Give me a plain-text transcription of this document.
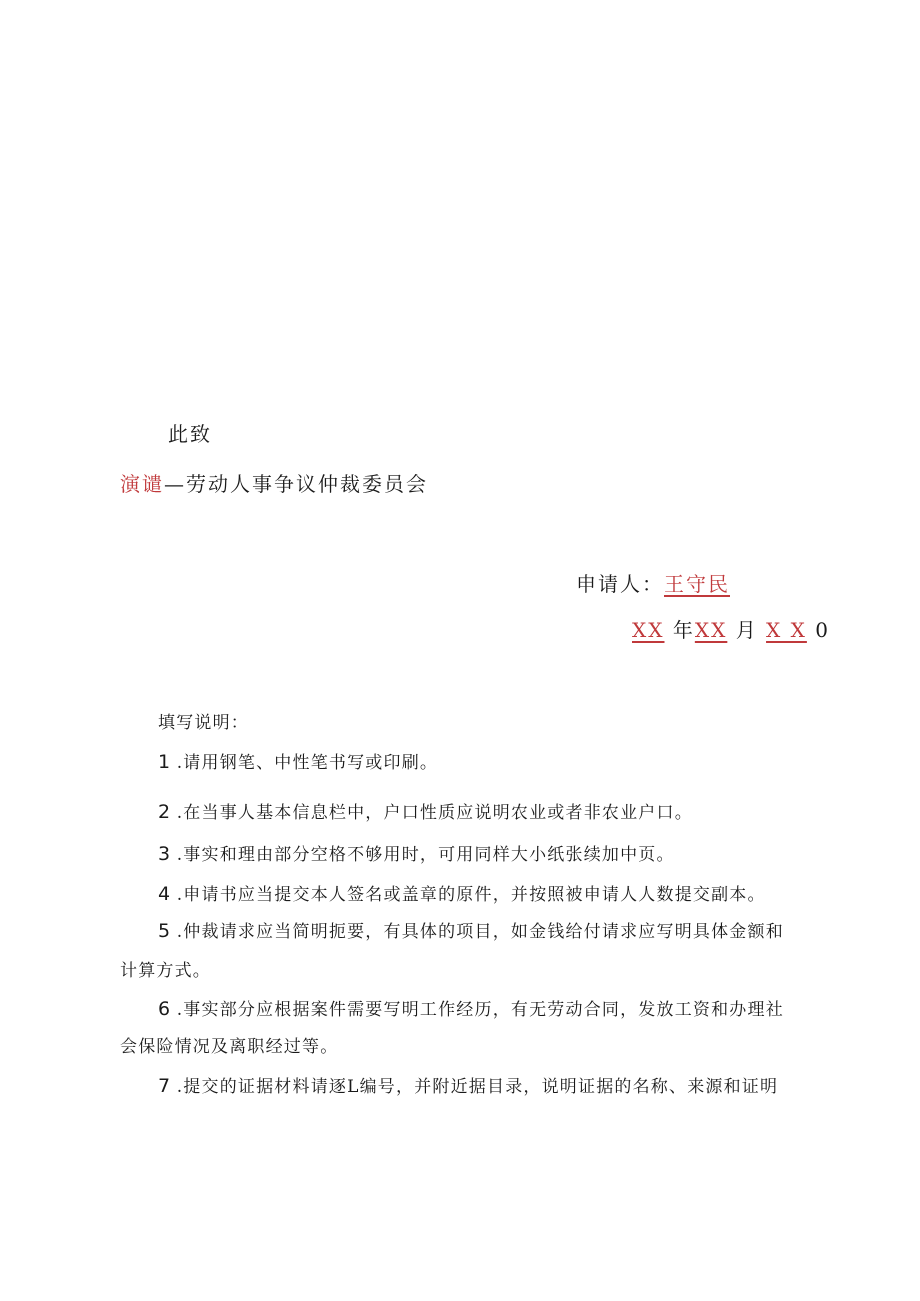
此致
演谴—劳动人事争议仲裁委员会
申请人：王守民
XX 年XX 月 X X 0
填写说明：
1 .请用钢笔、中性笔书写或印刷。
2 .在当事人基本信息栏中，户口性质应说明农业或者非农业户口。
3 .事实和理由部分空格不够用时，可用同样大小纸张续加中页。
4 .申请书应当提交本人签名或盖章的原件，并按照被申请人人数提交副本。
5 .仲裁请求应当简明扼要，有具体的项目，如金钱给付请求应写明具体金额和
计算方式。
6 .事实部分应根据案件需要写明工作经历，有无劳动合同，发放工资和办理社
会保险情况及离职经过等。
7 .提交的证据材料请逐L编号，并附近据目录，说明证据的名称、来源和证明
